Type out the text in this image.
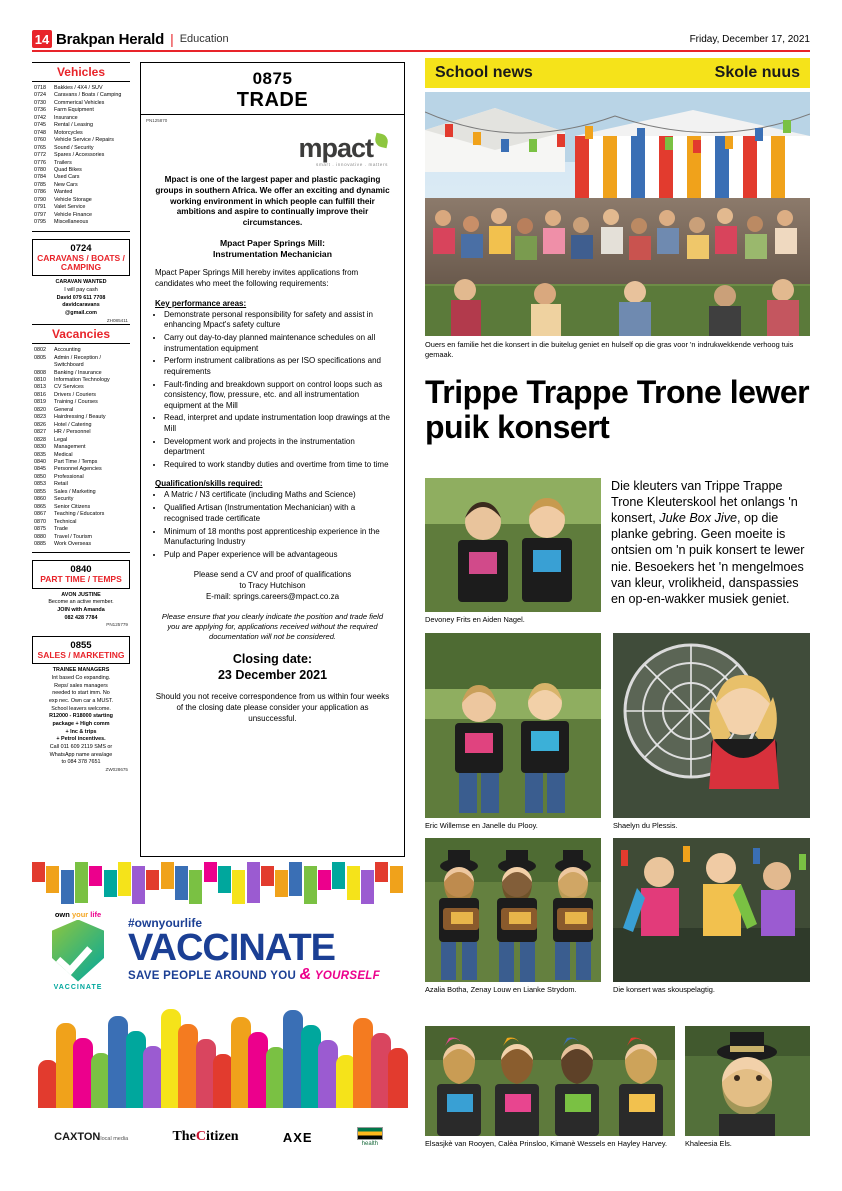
14 Brakpan Herald | Education	Friday, December 17, 2021
Vehicles
0718	Bakkies / 4X4 / SUV
0724	Caravans / Boats / Camping
0730	Commerical Vehicles
0736	Farm Equipment
0742	Insurance
0745	Rental / Leasing
0748	Motorcycles
0760	Vehicle Service / Repairs
0765	Sound / Security
0772	Spares / Accessories
0776	Trailers
0780	Quad Bikes
0784	Used Cars
0785	New Cars
0786	Wanted
0790	Vehicle Storage
0791	Valet Service
0797	Vehicle Finance
0795	Miscellaneous
0724
CARAVANS / BOATS / CAMPING
CARAVAN WANTED
I will pay cash
David 079 611 7708
davidcaravans
@gmail.com
ZH085411
Vacancies
0802	Accounting
0805	Admin / Reception / Switchboard
0808	Banking / Insurance
0810	Information Technology
0813	CV Services
0816	Drivers / Couriers
0819	Training / Courses
0820	General
0823	Hairdressing / Beauty
0826	Hotel / Catering
0827	HR / Personnel
0828	Legal
0830	Management
0835	Medical
0840	Part Time / Temps
0845	Personnel Agencies
0850	Professional
0853	Retail
0855	Sales / Marketing
0860	Security
0865	Senior Citizens
0867	Teaching / Educators
0870	Technical
0875	Trade
0880	Travel / Tourism
0885	Work Overseas
0840
PART TIME / TEMPS
AVON JUSTINE
Become an active member.
JOIN with Amanda
082 428 7784
PN125779
0855
SALES / MARKETING
TRAINEE MANAGERS
Int based Co expanding.
Reps/ sales managers
needed to start imm. No
exp nec. Own car a MUST.
School leavers welcome.
R12000 - R18000 starting
package + High comm
+ Inc & trips
+ Petrol incentives.
Call 011 609 2119 SMS or
WhatsApp name area/age
to 084 378 7651
ZW028675
0875
TRADE
PN125870
mpact
smart . innovative . matters
Mpact is one of the largest paper and plastic packaging groups in southern Africa. We offer an exciting and dynamic working environment in which people can fulfill their ambitions and aspire to continually improve their circumstances.
Mpact Paper Springs Mill:
Instrumentation Mechanician
Mpact Paper Springs Mill hereby invites applications from candidates who meet the following requirements:
Key performance areas:
• Demonstrate personal responsibility for safety and assist in enhancing Mpact's safety culture
• Carry out day-to-day planned maintenance schedules on all instrumentation equipment
• Perform instrument calibrations as per ISO specifications and requirements
• Fault-finding and breakdown support on control loops such as consistency, flow, pressure, etc. and all instrumentation equipment at the Mill
• Read, interpret and update instrumentation loop drawings at the Mill
• Development work and projects in the instrumentation department
• Required to work standby duties and overtime from time to time
Qualification/skills required:
• A Matric / N3 certificate (including Maths and Science)
• Qualified Artisan (Instrumentation Mechanician) with a recognised trade certificate
• Minimum of 18 months post apprenticeship experience in the Manufacturing Industry
• Pulp and Paper experience will be advantageous
Please send a CV and proof of qualifications
to Tracy Hutchison
E-mail: springs.careers@mpact.co.za
Please ensure that you clearly indicate the position and trade field you are applying for, applications received without the required documentation will not be considered.
Closing date:
23 December 2021
Should you not receive correspondence from us within four weeks of the closing date please consider your application as unsuccessful.
School news	Skole nuus
Ouers en familie het die konsert in die buitelug geniet en hulself op die gras voor 'n indrukwekkende verhoog tuis gemaak.
Trippe Trappe Trone lewer puik konsert
Devoney Frits en Aiden Nagel.
Die kleuters van Trippe Trappe Trone Kleuterskool het onlangs 'n konsert, Juke Box Jive, op die planke gebring. Geen moeite is ontsien om 'n puik konsert te lewer nie. Besoekers het 'n mengelmoes van kleur, vrolikheid, danspassies en op-en-wakker musiek geniet.
Eric Willemse en Janelle du Plooy.	Shaelyn du Plessis.
Azalia Botha, Zenay Louw en Lianke Strydom.	Die konsert was skouspelagtig.
Elsasjkè van Rooyen, Calèa Prinsloo, Kimanè Wessels en Hayley Harvey.	Khaleesia Els.
own your life
VACCINATE
#ownyourlife
VACCINATE
SAVE PEOPLE AROUND YOU & YOURSELF
CAXTONlocal media	TheCitizen	AXE	health
